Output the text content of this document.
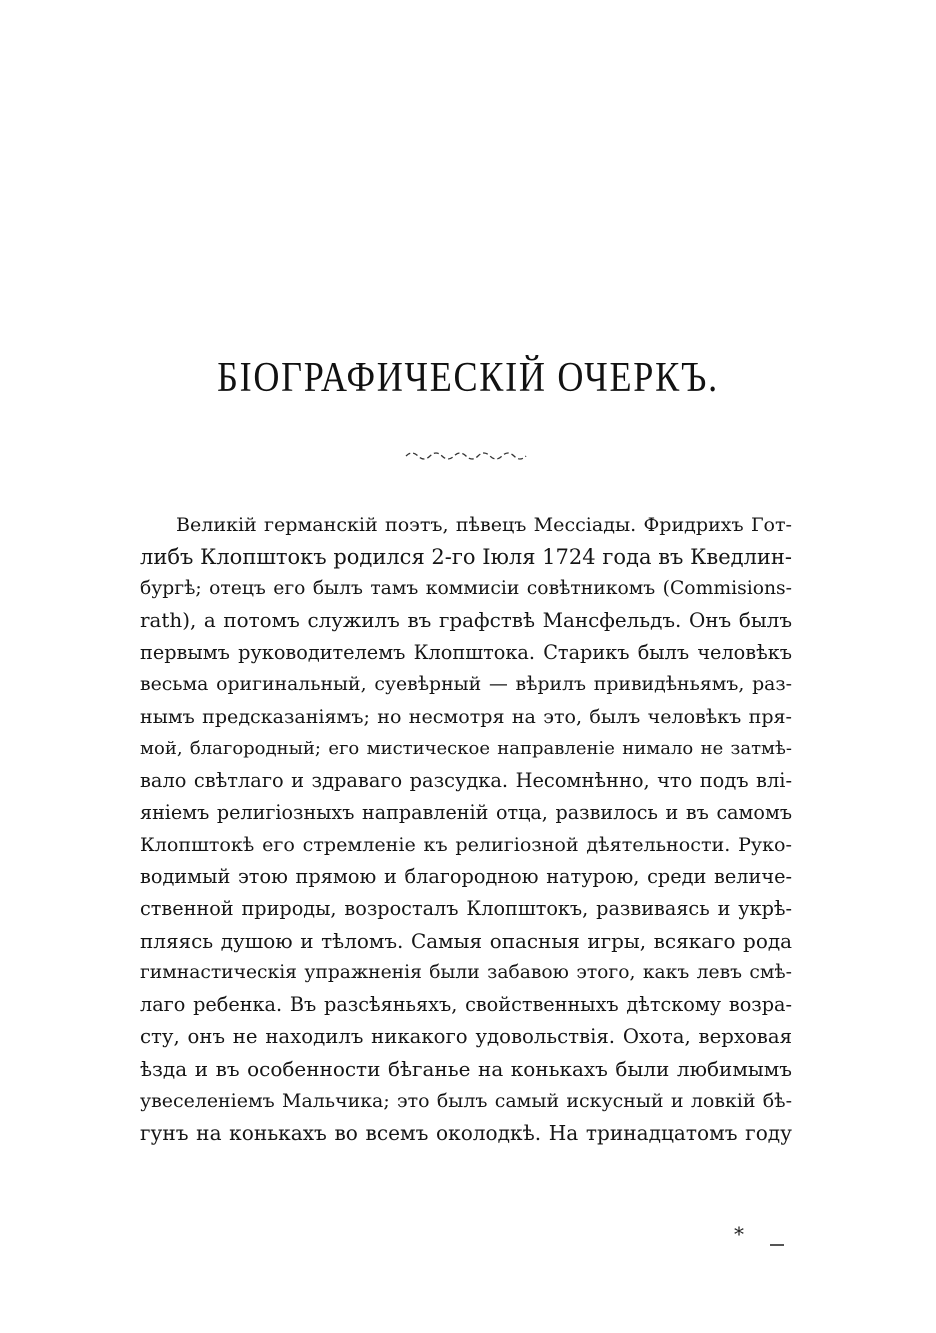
БІОГРАФИЧЕСКІЙ ОЧЕРКЪ.
Великій германскій поэтъ, пѣвецъ Мессіады. Фридрихъ Гот-
либъ Клопштокъ родился 2-го Іюля 1724 года въ Кведлин-
бургѣ; отецъ его былъ тамъ коммисіи совѣтникомъ (Commisions-
rath), а потомъ служилъ въ графствѣ Мансфельдъ. Онъ былъ
первымъ руководителемъ Клопштока. Старикъ былъ человѣкъ
весьма оригинальный, суевѣрный — вѣрилъ привидѣньямъ, раз-
нымъ предсказаніямъ; но несмотря на это, былъ человѣкъ пря-
мой, благородный; его мистическое направленіе нимало не затмѣ-
вало свѣтлаго и здраваго разсудка. Несомнѣнно, что подъ влі-
яніемъ религіозныхъ направленій отца, развилось и въ самомъ
Клопштокѣ его стремленіе къ религіозной дѣятельности. Руко-
водимый этою прямою и благородною натурою, среди величе-
ственной природы, возросталъ Клопштокъ, развиваясь и укрѣ-
пляясь душою и тѣломъ. Самыя опасныя игры, всякаго рода
гимнастическія упражненія были забавою этого, какъ левъ смѣ-
лаго ребенка. Въ разсѣяньяхъ, свойственныхъ дѣтскому возра-
сту, онъ не находилъ никакого удовольствія. Охота, верховая
ѣзда и въ особенности бѣганье на конькахъ были любимымъ
увеселеніемъ Мальчика; это былъ самый искусный и ловкій бѣ-
гунъ на конькахъ во всемъ околодкѣ. На тринадцатомъ году
*
